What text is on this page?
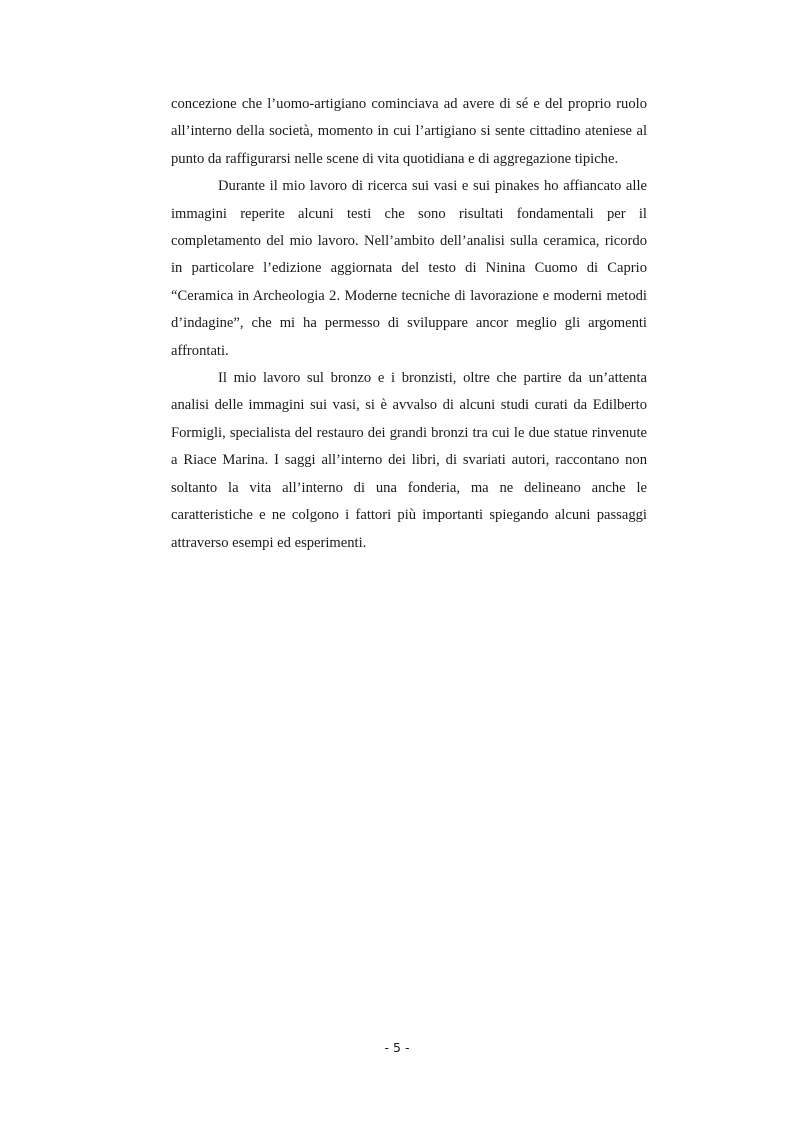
concezione che l’uomo-artigiano cominciava ad avere di sé e del proprio ruolo all’interno della società, momento in cui l’artigiano si sente cittadino ateniese al punto da raffigurarsi nelle scene di vita quotidiana e di aggregazione tipiche.

Durante il mio lavoro di ricerca sui vasi e sui pinakes ho affiancato alle immagini reperite alcuni testi che sono risultati fondamentali per il completamento del mio lavoro. Nell’ambito dell’analisi sulla ceramica, ricordo in particolare l’edizione aggiornata del testo di Ninina Cuomo di Caprio “Ceramica in Archeologia 2. Moderne tecniche di lavorazione e moderni metodi d’indagine”, che mi ha permesso di sviluppare ancor meglio gli argomenti affrontati.

Il mio lavoro sul bronzo e i bronzisti, oltre che partire da un’attenta analisi delle immagini sui vasi, si è avvalso di alcuni studi curati da Edilberto Formigli, specialista del restauro dei grandi bronzi tra cui le due statue rinvenute a Riace Marina. I saggi all’interno dei libri, di svariati autori, raccontano non soltanto la vita all’interno di una fonderia, ma ne delineano anche le caratteristiche e ne colgono i fattori più importanti spiegando alcuni passaggi attraverso esempi ed esperimenti.

- 5 -
